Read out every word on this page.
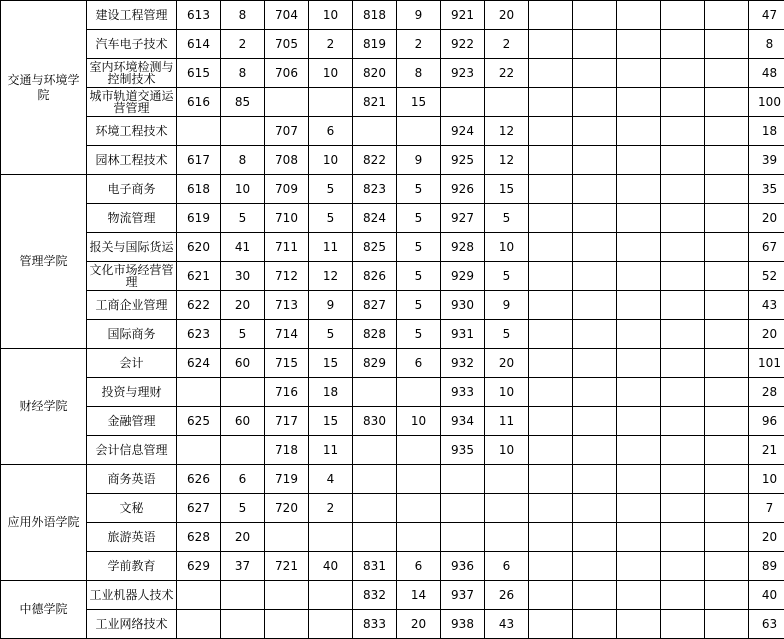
交通与环境学院	建设工程管理	613	8	704	10	818	9	921	20						47
	汽车电子技术	614	2	705	2	819	2	922	2						8
	室内环境检测与控制技术	615	8	706	10	820	8	923	22						48
	城市轨道交通运营管理	616	85			821	15								100
	环境工程技术			707	6			924	12						18
	园林工程技术	617	8	708	10	822	9	925	12						39
管理学院	电子商务	618	10	709	5	823	5	926	15						35
	物流管理	619	5	710	5	824	5	927	5						20
	报关与国际货运	620	41	711	11	825	5	928	10						67
	文化市场经营管理	621	30	712	12	826	5	929	5						52
	工商企业管理	622	20	713	9	827	5	930	9						43
	国际商务	623	5	714	5	828	5	931	5						20
财经学院	会计	624	60	715	15	829	6	932	20						101
	投资与理财			716	18			933	10						28
	金融管理	625	60	717	15	830	10	934	11						96
	会计信息管理			718	11			935	10						21
应用外语学院	商务英语	626	6	719	4										10
	文秘	627	5	720	2										7
	旅游英语	628	20												20
	学前教育	629	37	721	40	831	6	936	6						89
中德学院	工业机器人技术					832	14	937	26						40
	工业网络技术					833	20	938	43						63
